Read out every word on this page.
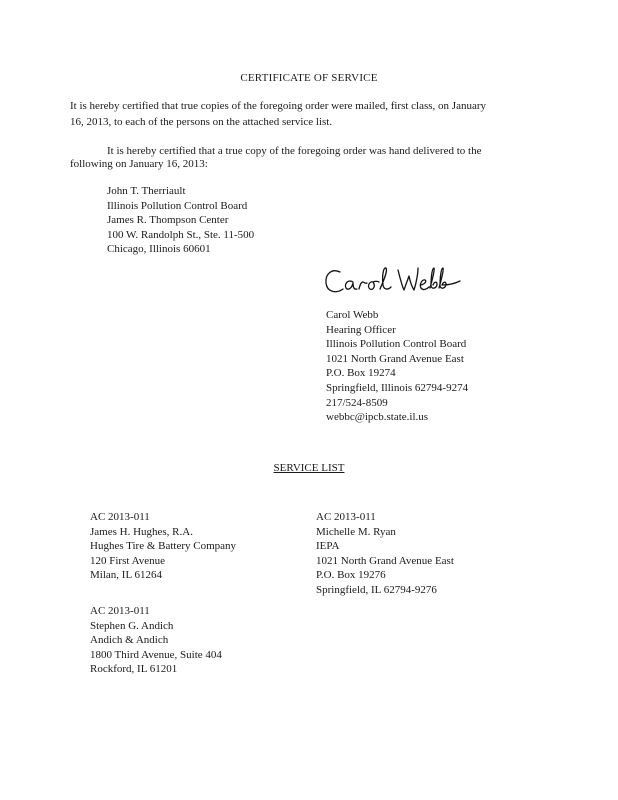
CERTIFICATE OF SERVICE
It is hereby certified that true copies of the foregoing order were mailed, first class, on January
16, 2013, to each of the persons on the attached service list.
It is hereby certified that a true copy of the foregoing order was hand delivered to the
following on January 16, 2013:
John T. Therriault
Illinois Pollution Control Board
James R. Thompson Center
100 W. Randolph St., Ste. 11-500
Chicago, Illinois 60601
Carol Webb
Hearing Officer
Illinois Pollution Control Board
1021 North Grand Avenue East
P.O. Box 19274
Springfield, Illinois 62794-9274
217/524-8509
webbc@ipcb.state.il.us
SERVICE LIST
AC 2013-011
James H. Hughes, R.A.
Hughes Tire & Battery Company
120 First Avenue
Milan, IL 61264
AC 2013-011
Michelle M. Ryan
IEPA
1021 North Grand Avenue East
P.O. Box 19276
Springfield, IL 62794-9276
AC 2013-011
Stephen G. Andich
Andich & Andich
1800 Third Avenue, Suite 404
Rockford, IL 61201
